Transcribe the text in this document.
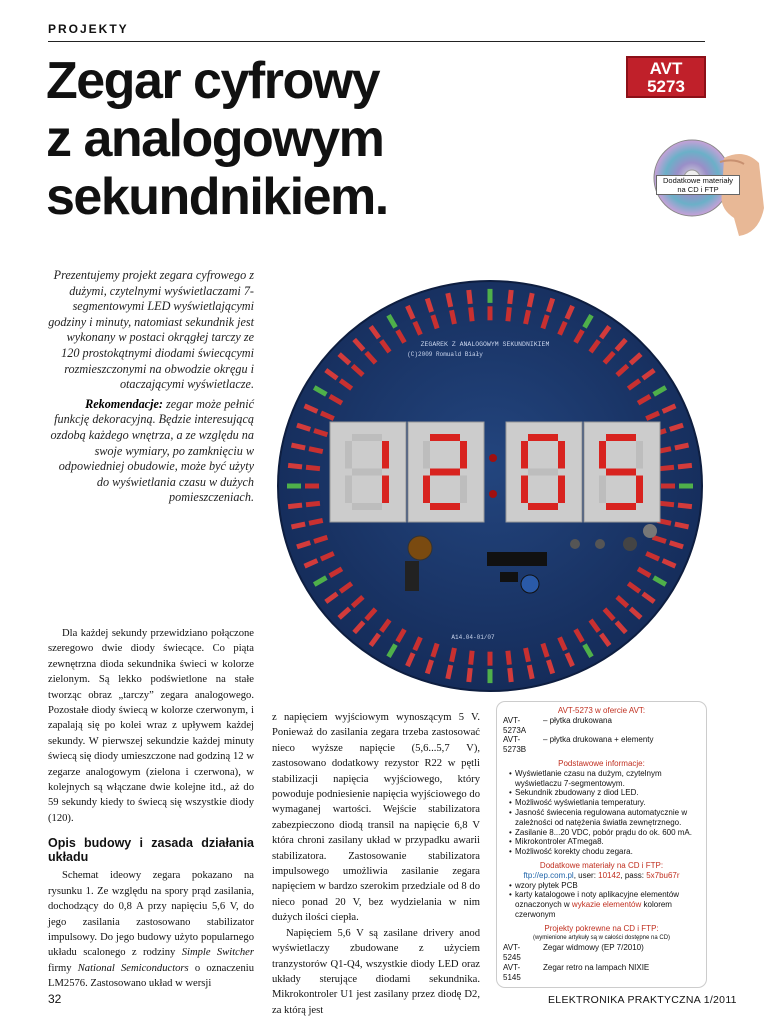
PROJEKTY
Zegar cyfrowy
z analogowym
sekundnikiem.
AVT
5273
Dodatkowe materiały
na CD i FTP

Prezentujemy projekt zegara cyfrowego z dużymi, czytelnymi wyświetlaczami 7-segmentowymi LED wyświetlającymi godziny i minuty, natomiast sekundnik jest wykonany w postaci okrągłej tarczy ze 120 prostokątnymi diodami świecącymi rozmieszczonymi na obwodzie okręgu i otaczającymi wyświetlacze.

Rekomendacje: zegar może pełnić funkcję dekoracyjną. Będzie interesującą ozdobą każdego wnętrza, a ze względu na swoje wymiary, po zamknięciu w odpowiedniej obudowie, może być użyty do wyświetlania czasu w dużych pomieszczeniach.

ZEGAREK Z ANALOGOWYM SEKUNDNIKIEM
(C)2009 Romuald Biały
A14.04-01/07

Dla każdej sekundy przewidziano połączone szeregowo dwie diody świecące. Co piąta zewnętrzna dioda sekundnika świeci w kolorze zielonym. Są lekko podświetlone na stałe tworząc obraz „tarczy” zegara analogowego. Pozostałe diody świecą w kolorze czerwonym, i zapalają się po kolei wraz z upływem każdej sekundy. W pierwszej sekundzie każdej minuty świecą się diody umieszczone nad godziną 12 w zegarze analogowym (zielona i czerwona), w kolejnych są włączane dwie kolejne itd., aż do 59 sekundy kiedy to świecą się wszystkie diody (120).

Opis budowy i zasada działania układu

Schemat ideowy zegara pokazano na rysunku 1. Ze względu na spory prąd zasilania, dochodzący do 0,8 A przy napięciu 5,6 V, do jego zasilania zastosowano stabilizator impulsowy. Do jego budowy użyto popularnego układu scalonego z rodziny Simple Switcher firmy National Semiconductors o oznaczeniu LM2576. Zastosowano układ w wersji

z napięciem wyjściowym wynoszącym 5 V. Ponieważ do zasilania zegara trzeba zastosować nieco wyższe napięcie (5,6...5,7 V), zastosowano dodatkowy rezystor R22 w pętli stabilizacji napięcia wyjściowego, który powoduje podniesienie napięcia wyjściowego do wymaganej wartości. Wejście stabilizatora zabezpieczono diodą transil na napięcie 6,8 V która chroni zasilany układ w przypadku awarii stabilizatora. Zastosowanie stabilizatora impulsowego umożliwia zasilanie zegara napięciem w bardzo szerokim przedziale od 8 do nieco ponad 20 V, bez wydzielania w nim dużych ilości ciepła.

Napięciem 5,6 V są zasilane drivery anod wyświetlaczy zbudowane z użyciem tranzystorów Q1-Q4, wszystkie diody LED oraz układy sterujące diodami sekundnika. Mikrokontroler U1 jest zasilany przez diodę D2, za którą jest

AVT-5273 w ofercie AVT:
AVT-5273A
– płytka drukowana
AVT-5273B
– płytka drukowana + elementy
Podstawowe informacje:
• Wyświetlanie czasu na dużym, czytelnym wyświetlaczu 7-segmentowym.
• Sekundnik zbudowany z diod LED.
• Możliwość wyświetlania temperatury.
• Jasność świecenia regulowana automatycznie w zależności od natężenia światła zewnętrznego.
• Zasilanie 8...20 VDC, pobór prądu do ok. 600 mA.
• Mikrokontroler ATmega8.
• Możliwość korekty chodu zegara.
Dodatkowe materiały na CD i FTP:
ftp://ep.com.pl, user: 10142, pass: 5x7bu67r
• wzory płytek PCB
• karty katalogowe i noty aplikacyjne elementów oznaczonych w wykazie elementów kolorem czerwonym
Projekty pokrewne na CD i FTP:
(wymienione artykuły są w całości dostępne na CD)
AVT-5245
Zegar widmowy (EP 7/2010)
AVT-5145
Zegar retro na lampach NIXIE
32	ELEKTRONIKA PRAKTYCZNA 1/2011
